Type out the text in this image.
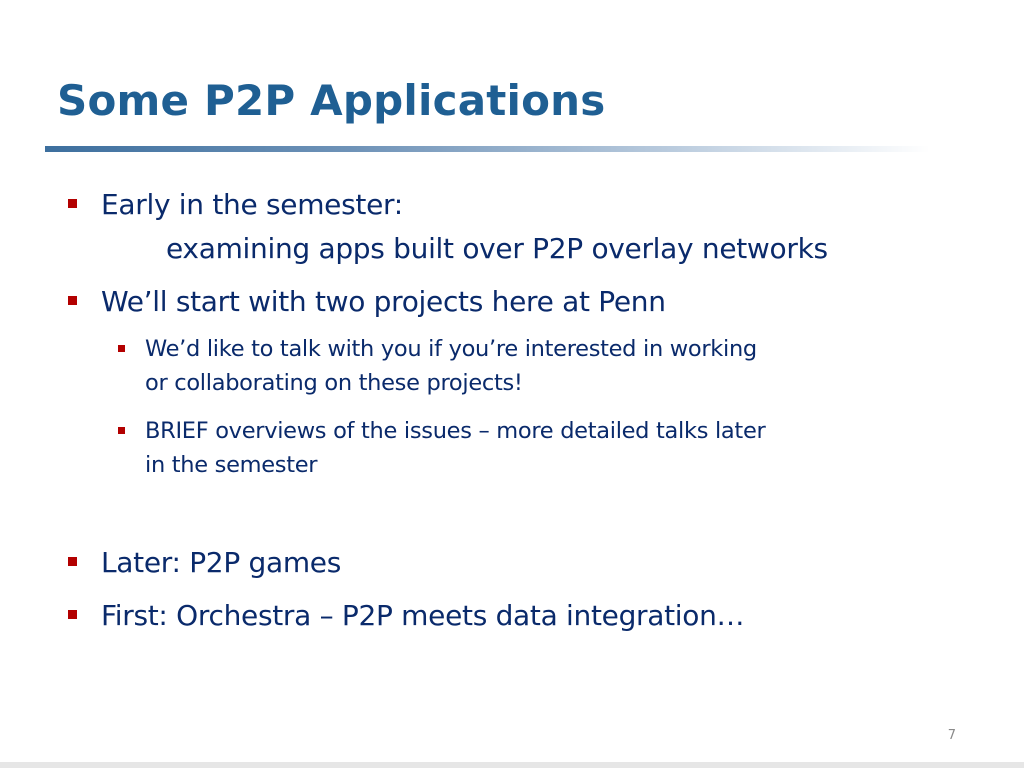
Some P2P Applications
Early in the semester:
examining apps built over P2P overlay networks
We’ll start with two projects here at Penn
We’d like to talk with you if you’re interested in working
or collaborating on these projects!
BRIEF overviews of the issues – more detailed talks later
in the semester
Later: P2P games
First: Orchestra – P2P meets data integration…
7
